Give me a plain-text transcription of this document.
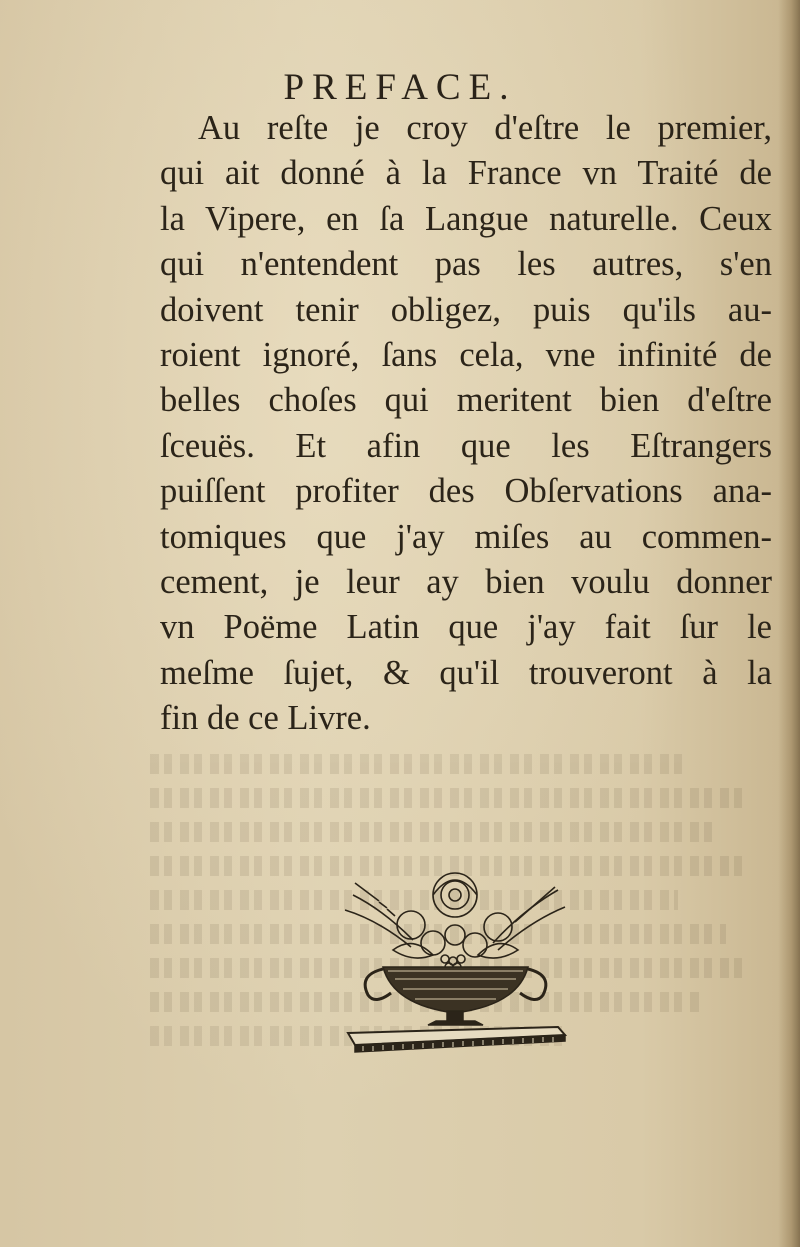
PREFACE.
Au reſte je croy d'eſtre le premier,
qui ait donné à la France vn Traité de
la Vipere, en ſa Langue naturelle. Ceux
qui n'entendent pas les autres, s'en
doivent tenir obligez, puis qu'ils au-
roient ignoré, ſans cela, vne infinité de
belles choſes qui meritent bien d'eſtre
ſceuës. Et afin que les Eſtrangers
puiſſent profiter des Obſervations ana-
tomiques que j'ay miſes au commen-
cement, je leur ay bien voulu donner
vn Poëme Latin que j'ay fait ſur le
meſme ſujet, & qu'il trouveront à la
fin de ce Livre.
